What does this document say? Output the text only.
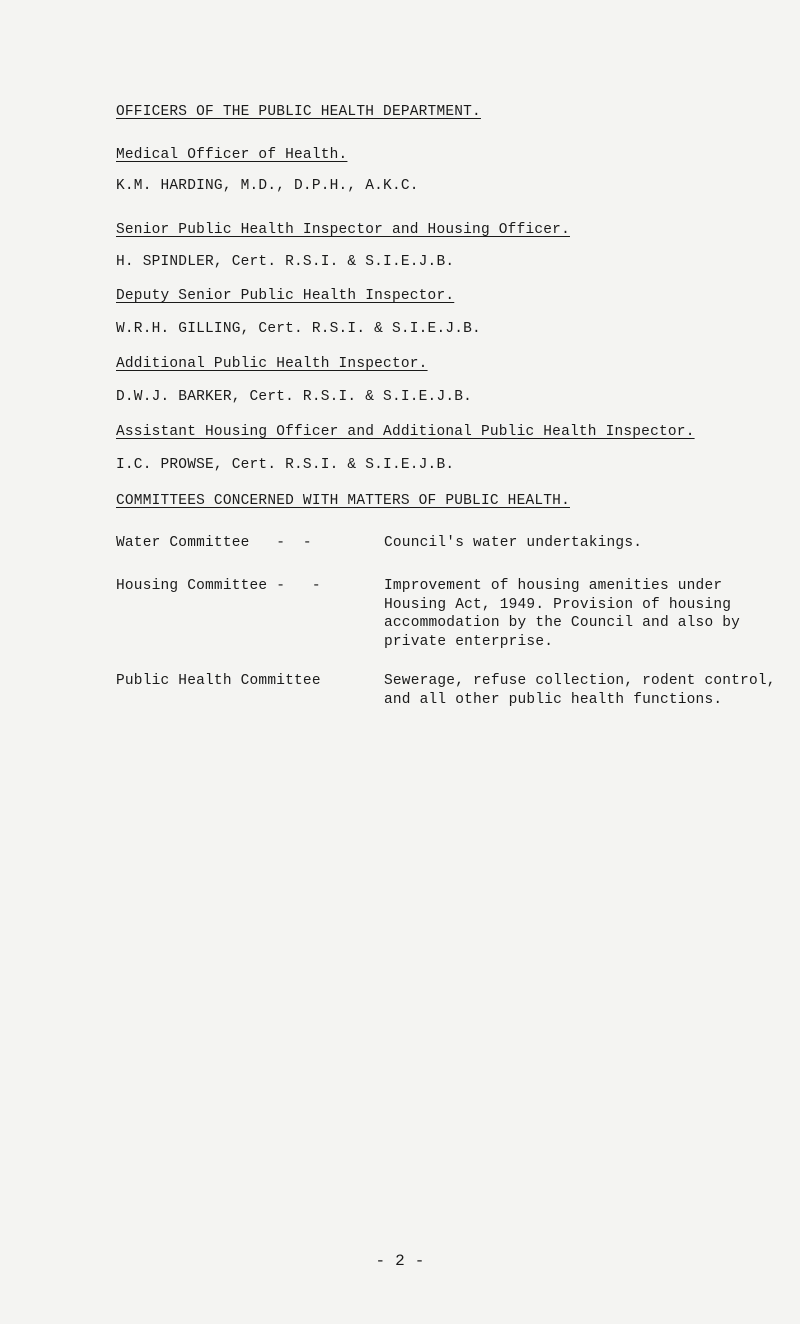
OFFICERS OF THE PUBLIC HEALTH DEPARTMENT.
Medical Officer of Health.
K.M. HARDING, M.D., D.P.H., A.K.C.
Senior Public Health Inspector and Housing Officer.
H. SPINDLER, Cert. R.S.I. & S.I.E.J.B.
Deputy Senior Public Health Inspector.
W.R.H. GILLING, Cert. R.S.I. & S.I.E.J.B.
Additional Public Health Inspector.
D.W.J. BARKER, Cert. R.S.I. & S.I.E.J.B.
Assistant Housing Officer and Additional Public Health Inspector.
I.C. PROWSE, Cert. R.S.I. & S.I.E.J.B.
COMMITTEES CONCERNED WITH MATTERS OF PUBLIC HEALTH.
Water Committee   -  -	Council's water undertakings.
Housing Committee -   -	Improvement of housing amenities under Housing Act, 1949. Provision of housing accommodation by the Council and also by private enterprise.
Public Health Committee	Sewerage, refuse collection, rodent control, and all other public health functions.
- 2 -
